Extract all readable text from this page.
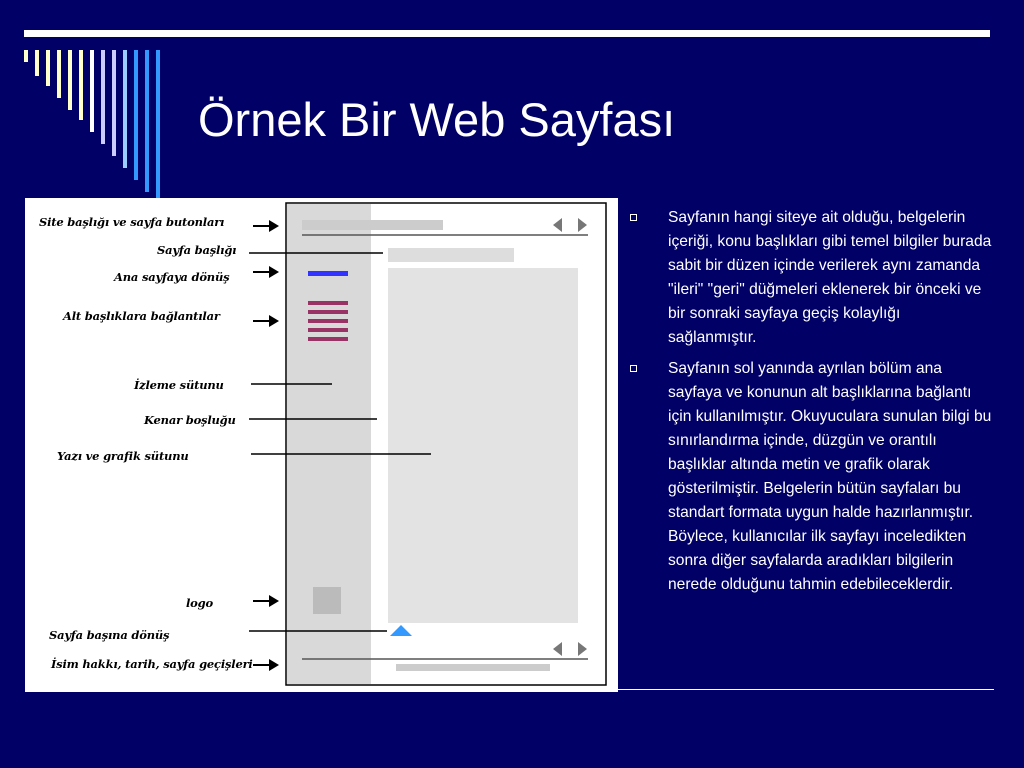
Örnek Bir Web Sayfası
Site başlığı ve sayfa butonları
Sayfa başlığı
Ana sayfaya dönüş
Alt başlıklara bağlantılar
İzleme sütunu
Kenar boşluğu
Yazı ve grafik sütunu
logo
Sayfa başına dönüş
İsim hakkı, tarih, sayfa geçişleri
Sayfanın hangi siteye ait olduğu, belgelerin içeriği, konu başlıkları gibi temel bilgiler burada sabit bir düzen içinde verilerek aynı zamanda "ileri" "geri" düğmeleri eklenerek bir önceki ve bir sonraki sayfaya geçiş kolaylığı sağlanmıştır.
Sayfanın sol yanında ayrılan bölüm ana sayfaya ve konunun alt başlıklarına bağlantı için kullanılmıştır. Okuyuculara sunulan bilgi bu sınırlandırma içinde, düzgün ve orantılı başlıklar altında metin ve grafik olarak gösterilmiştir. Belgelerin bütün sayfaları bu standart formata uygun halde hazırlanmıştır. Böylece, kullanıcılar ilk sayfayı inceledikten sonra diğer sayfalarda aradıkları bilgilerin nerede olduğunu tahmin edebileceklerdir.
